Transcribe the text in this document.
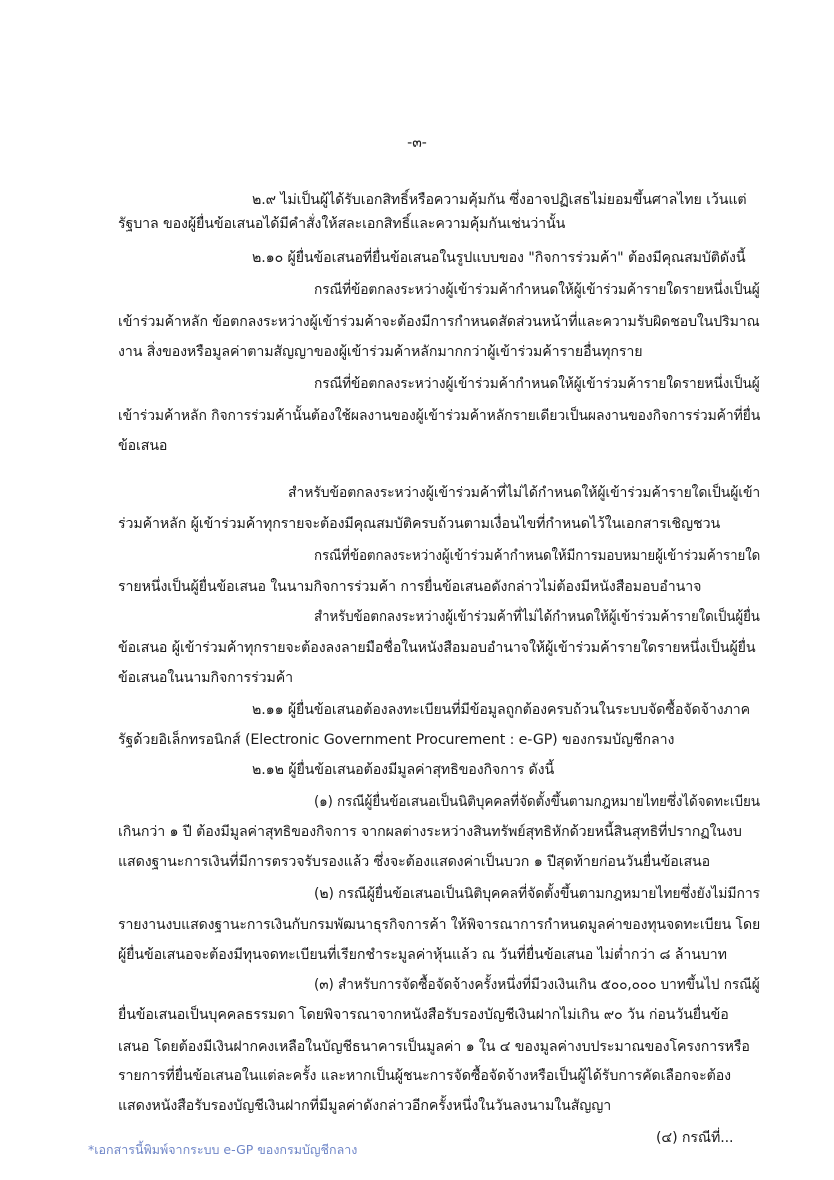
-๓-
๒.๙ ไม่เป็นผู้ได้รับเอกสิทธิ์หรือความคุ้มกัน ซึ่งอาจปฏิเสธไม่ยอมขึ้นศาลไทย เว้นแต่
รัฐบาล ของผู้ยื่นข้อเสนอได้มีคำสั่งให้สละเอกสิทธิ์และความคุ้มกันเช่นว่านั้น
๒.๑๐ ผู้ยื่นข้อเสนอที่ยื่นข้อเสนอในรูปแบบของ "กิจการร่วมค้า" ต้องมีคุณสมบัติดังนี้
กรณีที่ข้อตกลงระหว่างผู้เข้าร่วมค้ากำหนดให้ผู้เข้าร่วมค้ารายใดรายหนึ่งเป็นผู้
เข้าร่วมค้าหลัก ข้อตกลงระหว่างผู้เข้าร่วมค้าจะต้องมีการกำหนดสัดส่วนหน้าที่และความรับผิดชอบในปริมาณ
งาน สิ่งของหรือมูลค่าตามสัญญาของผู้เข้าร่วมค้าหลักมากกว่าผู้เข้าร่วมค้ารายอื่นทุกราย
กรณีที่ข้อตกลงระหว่างผู้เข้าร่วมค้ากำหนดให้ผู้เข้าร่วมค้ารายใดรายหนึ่งเป็นผู้
เข้าร่วมค้าหลัก กิจการร่วมค้านั้นต้องใช้ผลงานของผู้เข้าร่วมค้าหลักรายเดียวเป็นผลงานของกิจการร่วมค้าที่ยื่น
ข้อเสนอ
สำหรับข้อตกลงระหว่างผู้เข้าร่วมค้าที่ไม่ได้กำหนดให้ผู้เข้าร่วมค้ารายใดเป็นผู้เข้า
ร่วมค้าหลัก ผู้เข้าร่วมค้าทุกรายจะต้องมีคุณสมบัติครบถ้วนตามเงื่อนไขที่กำหนดไว้ในเอกสารเชิญชวน
กรณีที่ข้อตกลงระหว่างผู้เข้าร่วมค้ากำหนดให้มีการมอบหมายผู้เข้าร่วมค้ารายใด
รายหนึ่งเป็นผู้ยื่นข้อเสนอ ในนามกิจการร่วมค้า การยื่นข้อเสนอดังกล่าวไม่ต้องมีหนังสือมอบอำนาจ
สำหรับข้อตกลงระหว่างผู้เข้าร่วมค้าที่ไม่ได้กำหนดให้ผู้เข้าร่วมค้ารายใดเป็นผู้ยื่น
ข้อเสนอ ผู้เข้าร่วมค้าทุกรายจะต้องลงลายมือชื่อในหนังสือมอบอำนาจให้ผู้เข้าร่วมค้ารายใดรายหนึ่งเป็นผู้ยื่น
ข้อเสนอในนามกิจการร่วมค้า
๒.๑๑ ผู้ยื่นข้อเสนอต้องลงทะเบียนที่มีข้อมูลถูกต้องครบถ้วนในระบบจัดซื้อจัดจ้างภาค
รัฐด้วยอิเล็กทรอนิกส์ (Electronic Government Procurement : e-GP) ของกรมบัญชีกลาง
๒.๑๒ ผู้ยื่นข้อเสนอต้องมีมูลค่าสุทธิของกิจการ ดังนี้
(๑) กรณีผู้ยื่นข้อเสนอเป็นนิติบุคคลที่จัดตั้งขึ้นตามกฎหมายไทยซึ่งได้จดทะเบียน
เกินกว่า ๑ ปี ต้องมีมูลค่าสุทธิของกิจการ จากผลต่างระหว่างสินทรัพย์สุทธิหักด้วยหนี้สินสุทธิที่ปรากฏในงบ
แสดงฐานะการเงินที่มีการตรวจรับรองแล้ว ซึ่งจะต้องแสดงค่าเป็นบวก ๑ ปีสุดท้ายก่อนวันยื่นข้อเสนอ
(๒) กรณีผู้ยื่นข้อเสนอเป็นนิติบุคคลที่จัดตั้งขึ้นตามกฎหมายไทยซึ่งยังไม่มีการ
รายงานงบแสดงฐานะการเงินกับกรมพัฒนาธุรกิจการค้า ให้พิจารณาการกำหนดมูลค่าของทุนจดทะเบียน โดย
ผู้ยื่นข้อเสนอจะต้องมีทุนจดทะเบียนที่เรียกชำระมูลค่าหุ้นแล้ว ณ วันที่ยื่นข้อเสนอ ไม่ต่ำกว่า ๘ ล้านบาท
(๓) สำหรับการจัดซื้อจัดจ้างครั้งหนึ่งที่มีวงเงินเกิน ๕๐๐,๐๐๐ บาทขึ้นไป กรณีผู้
ยื่นข้อเสนอเป็นบุคคลธรรมดา โดยพิจารณาจากหนังสือรับรองบัญชีเงินฝากไม่เกิน ๙๐ วัน ก่อนวันยื่นข้อ
เสนอ โดยต้องมีเงินฝากคงเหลือในบัญชีธนาคารเป็นมูลค่า ๑ ใน ๔ ของมูลค่างบประมาณของโครงการหรือ
รายการที่ยื่นข้อเสนอในแต่ละครั้ง และหากเป็นผู้ชนะการจัดซื้อจัดจ้างหรือเป็นผู้ได้รับการคัดเลือกจะต้อง
แสดงหนังสือรับรองบัญชีเงินฝากที่มีมูลค่าดังกล่าวอีกครั้งหนึ่งในวันลงนามในสัญญา
(๔) กรณีที่...
*เอกสารนี้พิมพ์จากระบบ e-GP ของกรมบัญชีกลาง
